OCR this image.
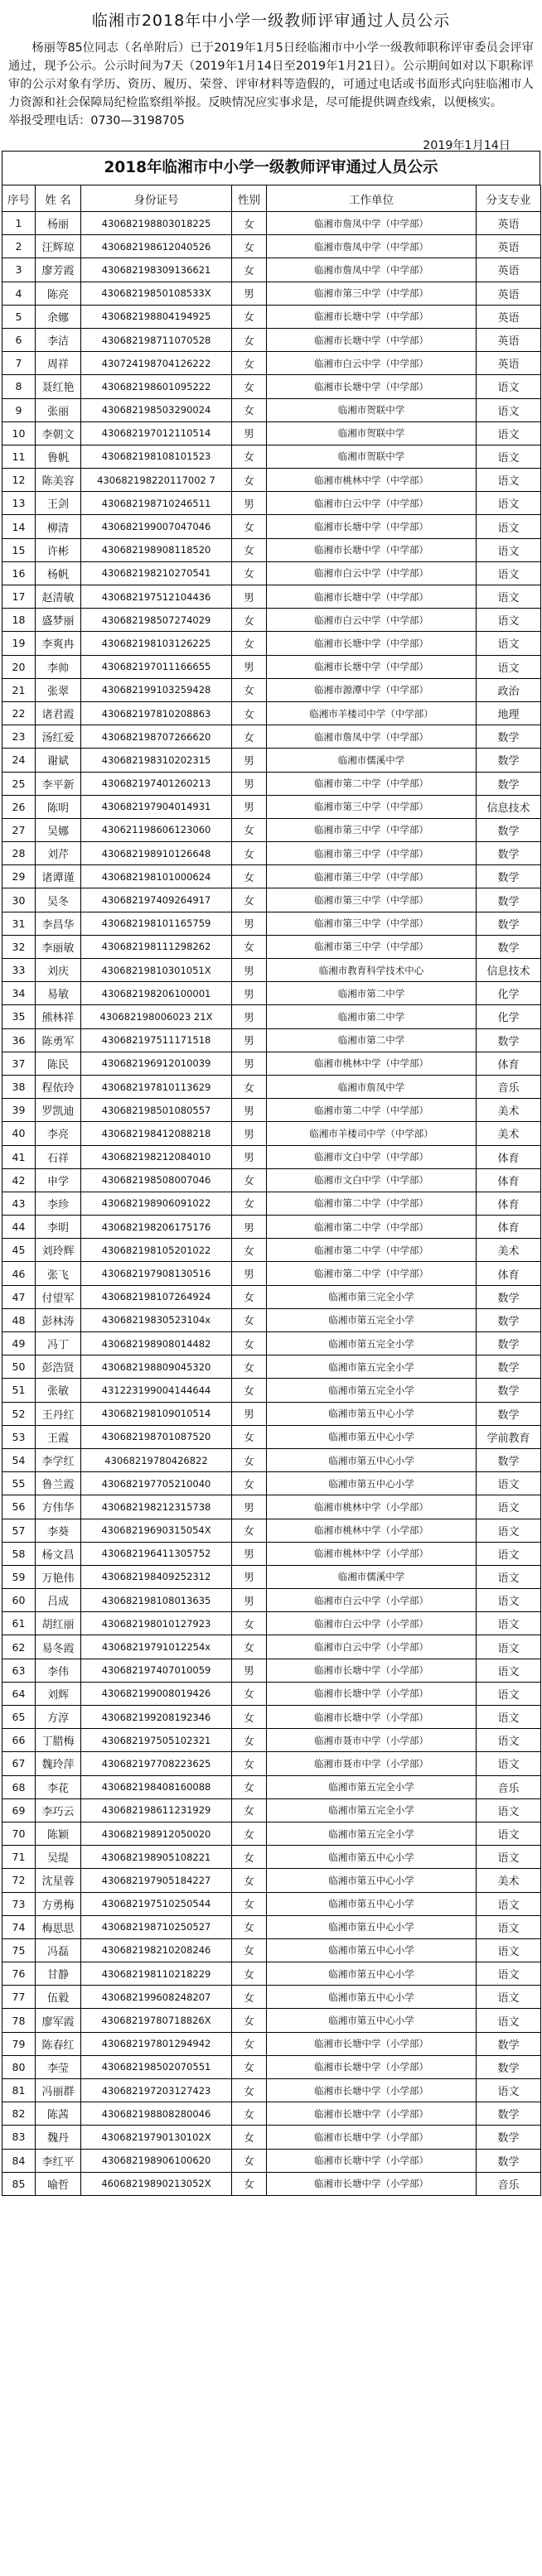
临湘市2018年中小学一级教师评审通过人员公示
杨丽等85位同志（名单附后）已于2019年1月5日经临湘市中小学一级教师职称评审委员会评审通过，现予公示。公示时间为7天（2019年1月14日至2019年1月21日）。公示期间如对以下职称评审的公示对象有学历、资历、履历、荣誉、评审材料等造假的，可通过电话或书面形式向驻临湘市人力资源和社会保障局纪检监察组举报。反映情况应实事求是，尽可能提供调查线索，以便核实。
举报受理电话：0730—3198705
2019年1月14日
2018年临湘市中小学一级教师评审通过人员公示
序号	姓 名	身份证号	性别	工作单位	分支专业
1	杨丽	430682198803018225	女	临湘市詹凤中学（中学部）	英语
2	汪辉琼	430682198612040526	女	临湘市詹凤中学（中学部）	英语
3	廖芳霞	430682198309136621	女	临湘市詹凤中学（中学部）	英语
4	陈亮	43068219850108533X	男	临湘市第三中学（中学部）	英语
5	余娜	430682198804194925	女	临湘市长塘中学（中学部）	英语
6	李洁	430682198711070528	女	临湘市长塘中学（中学部）	英语
7	周祥	430724198704126222	女	临湘市白云中学（中学部）	英语
8	聂红艳	430682198601095222	女	临湘市长塘中学（中学部）	语文
9	张丽	430682198503290024	女	临湘市贺联中学	语文
10	李朝文	430682197012110514	男	临湘市贺联中学	语文
11	鲁帆	430682198108101523	女	临湘市贺联中学	语文
12	陈美容	430682198220117002 7	女	临湘市桃林中学（中学部）	语文
13	王剑	430682198710246511	男	临湘市白云中学（中学部）	语文
14	柳清	430682199007047046	女	临湘市长塘中学（中学部）	语文
15	许彬	430682198908118520	女	临湘市长塘中学（中学部）	语文
16	杨帆	430682198210270541	女	临湘市白云中学（中学部）	语文
17	赵清敏	430682197512104436	男	临湘市长塘中学（中学部）	语文
18	盛梦丽	430682198507274029	女	临湘市白云中学（中学部）	语文
19	李爽冉	430682198103126225	女	临湘市长塘中学（中学部）	语文
20	李帅	430682197011166655	男	临湘市长塘中学（中学部）	语文
21	张翠	430682199103259428	女	临湘市源潭中学（中学部）	政治
22	诸君霞	430682197810208863	女	临湘市羊楼司中学（中学部）	地理
23	汤红爱	430682198707266620	女	临湘市詹凤中学（中学部）	数学
24	谢斌	430682198310202315	男	临湘市儒溪中学	数学
25	李平新	430682197401260213	男	临湘市第二中学（中学部）	数学
26	陈明	430682197904014931	男	临湘市第三中学（中学部）	信息技术
27	吴娜	430621198606123060	女	临湘市第三中学（中学部）	数学
28	刘芹	430682198910126648	女	临湘市第三中学（中学部）	数学
29	诸谭谨	430682198101000624	女	临湘市第三中学（中学部）	数学
30	吴冬	430682197409264917	女	临湘市第三中学（中学部）	数学
31	李昌华	430682198101165759	男	临湘市第三中学（中学部）	数学
32	李丽敏	430682198111298262	女	临湘市第三中学（中学部）	数学
33	刘庆	43068219810301051X	男	临湘市教育科学技术中心	信息技术
34	易敏	430682198206100001	男	临湘市第二中学	化学
35	熊林祥	430682198006023 21X	男	临湘市第二中学	化学
36	陈勇军	430682197511171518	男	临湘市第二中学	数学
37	陈民	430682196912010039	男	临湘市桃林中学（中学部）	体育
38	程依玲	430682197810113629	女	临湘市詹凤中学	音乐
39	罗凯迪	430682198501080557	男	临湘市第二中学（中学部）	美术
40	李亮	430682198412088218	男	临湘市羊楼司中学（中学部）	美术
41	石祥	430682198212084010	男	临湘市文白中学（中学部）	体育
42	申学	430682198508007046	女	临湘市文白中学（中学部）	体育
43	李珍	430682198906091022	女	临湘市第二中学（中学部）	体育
44	李明	430682198206175176	男	临湘市第二中学（中学部）	体育
45	刘玲辉	430682198105201022	女	临湘市第二中学（中学部）	美术
46	张飞	430682197908130516	男	临湘市第二中学（中学部）	体育
47	付望军	430682198107264924	女	临湘市第三完全小学	数学
48	彭林涛	43068219830523104x	女	临湘市第五完全小学	数学
49	冯丁	430682198908014482	女	临湘市第五完全小学	数学
50	彭浩贤	430682198809045320	女	临湘市第五完全小学	数学
51	张敏	431223199004144644	女	临湘市第五完全小学	数学
52	王丹红	430682198109010514	男	临湘市第五中心小学	数学
53	王霞	430682198701087520	女	临湘市第五中心小学	学前教育
54	李学红	43068219780426822	女	临湘市第五中心小学	数学
55	鲁兰霞	430682197705210040	女	临湘市第五中心小学	语文
56	方伟华	430682198212315738	男	临湘市桃林中学（小学部）	语文
57	李葵	43068219690315054X	女	临湘市桃林中学（小学部）	语文
58	杨文昌	430682196411305752	男	临湘市桃林中学（小学部）	语文
59	万艳伟	430682198409252312	男	临湘市儒溪中学	语文
60	吕成	430682198108013635	男	临湘市白云中学（小学部）	语文
61	胡红丽	430682198010127923	女	临湘市白云中学（小学部）	语文
62	易冬霞	43068219791012254x	女	临湘市白云中学（小学部）	语文
63	李伟	430682197407010059	男	临湘市长塘中学（小学部）	语文
64	刘辉	430682199008019426	女	临湘市长塘中学（小学部）	语文
65	方淳	430682199208192346	女	临湘市长塘中学（小学部）	语文
66	丁腊梅	430682197505102321	女	临湘市聂市中学（小学部）	语文
67	魏玲萍	430682197708223625	女	临湘市聂市中学（小学部）	语文
68	李花	430682198408160088	女	临湘市第五完全小学	音乐
69	李巧云	430682198611231929	女	临湘市第五完全小学	语文
70	陈颖	430682198912050020	女	临湘市第五完全小学	语文
71	吴缇	430682198905108221	女	临湘市第五中心小学	语文
72	沈星蓉	430682197905184227	女	临湘市第五中心小学	美术
73	方勇梅	430682197510250544	女	临湘市第五中心小学	语文
74	梅思思	430682198710250527	女	临湘市第五中心小学	语文
75	冯磊	430682198210208246	女	临湘市第五中心小学	语文
76	甘静	430682198110218229	女	临湘市第五中心小学	语文
77	伍毅	430682199608248207	女	临湘市第五中心小学	语文
78	廖军霞	43068219780718826X	女	临湘市第五中心小学	语文
79	陈春红	430682197801294942	女	临湘市长塘中学（小学部）	数学
80	李莹	430682198502070551	女	临湘市长塘中学（小学部）	数学
81	冯丽群	430682197203127423	女	临湘市长塘中学（小学部）	语文
82	陈茜	430682198808280046	女	临湘市长塘中学（小学部）	数学
83	魏丹	43068219790130102X	女	临湘市长塘中学（小学部）	数学
84	李红平	430682198906100620	女	临湘市长塘中学（小学部）	数学
85	喻哲	46068219890213052X	女	临湘市长塘中学（小学部）	音乐
